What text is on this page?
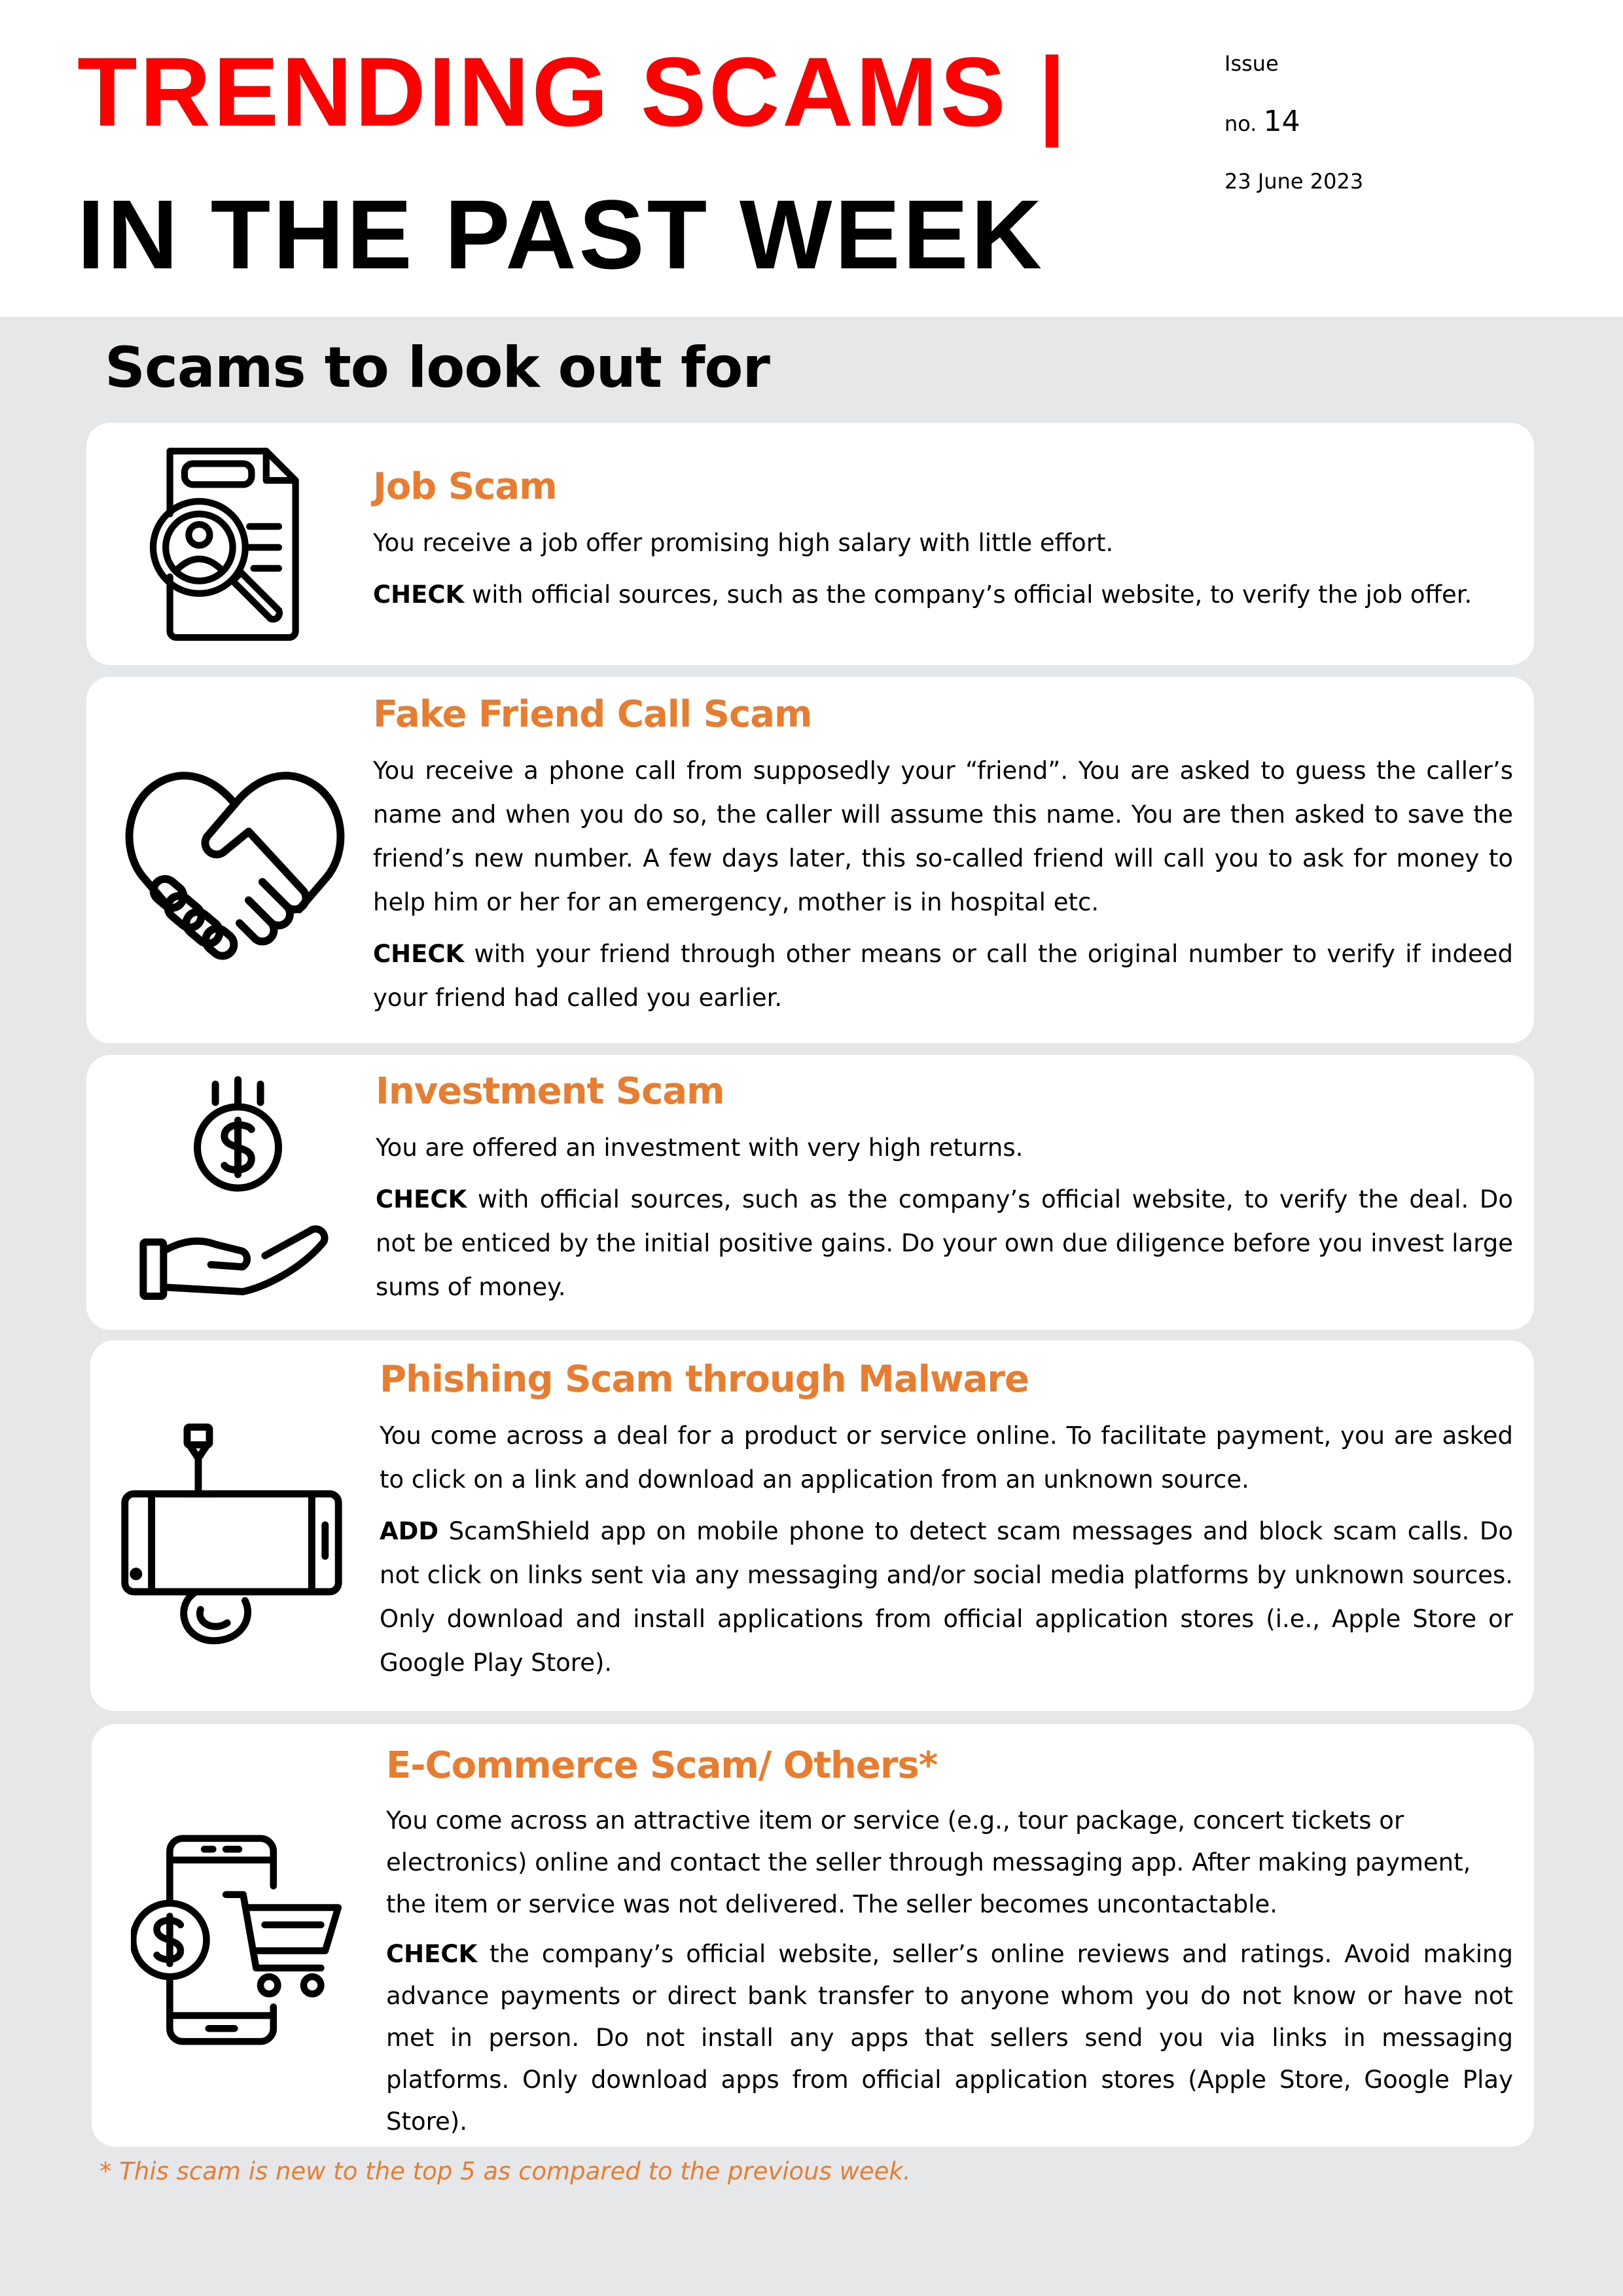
TRENDING SCAMS |
IN THE PAST WEEK
Issue
no. 14
23 June 2023
Scams to look out for
Job Scam

You receive a job offer promising high salary with little effort.

CHECK with official sources, such as the company’s official website, to verify the job offer.

Fake Friend Call Scam

You receive a phone call from supposedly your “friend”. You are asked to guess the caller’s name and when you do so, the caller will assume this name. You are then asked to save the friend’s new number. A few days later, this so-called friend will call you to ask for money to help him or her for an emergency, mother is in hospital etc.

CHECK with your friend through other means or call the original number to verify if indeed your friend had called you earlier.

Investment Scam

You are offered an investment with very high returns.

CHECK with official sources, such as the company’s official website, to verify the deal. Do not be enticed by the initial positive gains. Do your own due diligence before you invest large sums of money.

Phishing Scam through Malware

You come across a deal for a product or service online. To facilitate payment, you are asked to click on a link and download an application from an unknown source.

ADD ScamShield app on mobile phone to detect scam messages and block scam calls. Do not click on links sent via any messaging and/or social media platforms by unknown sources. Only download and install applications from official application stores (i.e., Apple Store or Google Play Store).

E-Commerce Scam/ Others*

You come across an attractive item or service (e.g., tour package, concert tickets or electronics) online and contact the seller through messaging app. After making payment, the item or service was not delivered. The seller becomes uncontactable.

CHECK the company’s official website, seller’s online reviews and ratings. Avoid making advance payments or direct bank transfer to anyone whom you do not know or have not met in person. Do not install any apps that sellers send you via links in messaging platforms. Only download apps from official application stores (Apple Store, Google Play Store).

* This scam is new to the top 5 as compared to the previous week.
